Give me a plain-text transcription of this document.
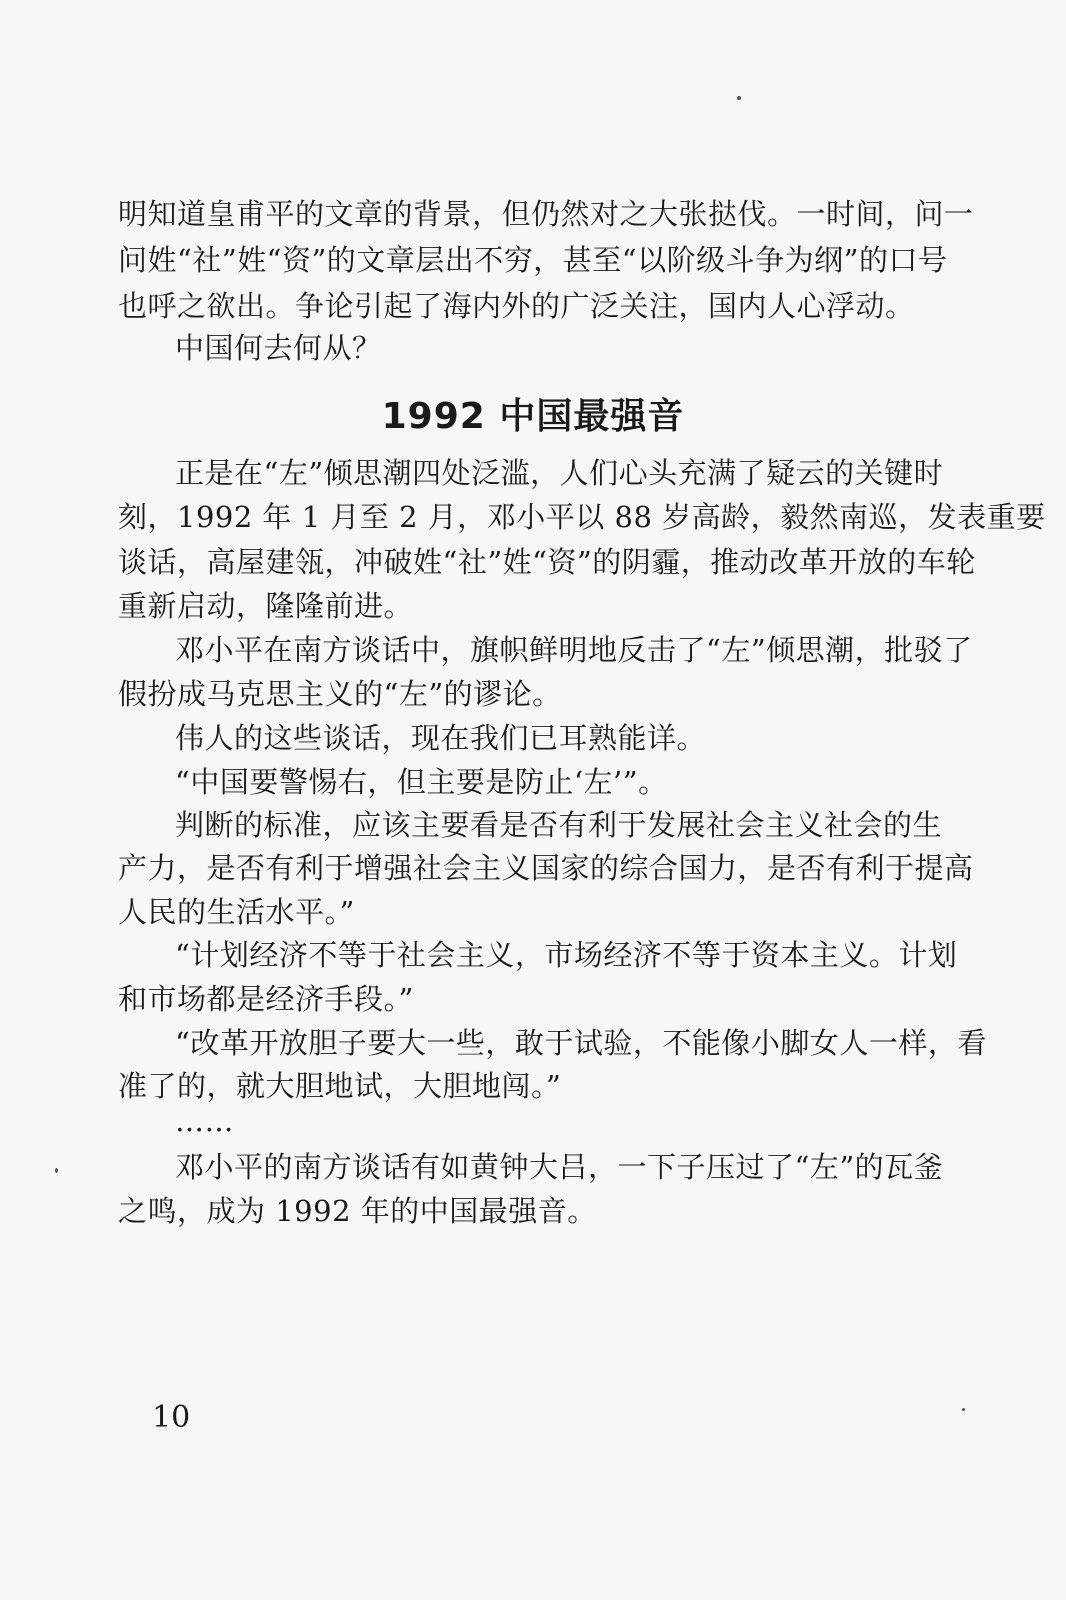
明知道皇甫平的文章的背景，但仍然对之大张挞伐。一时间，问一
问姓“社”姓“资”的文章层出不穷，甚至“以阶级斗争为纲”的口号
也呼之欲出。争论引起了海内外的广泛关注，国内人心浮动。
中国何去何从？
1992 中国最强音
正是在“左”倾思潮四处泛滥，人们心头充满了疑云的关键时
刻，1992 年 1 月至 2 月，邓小平以 88 岁高龄，毅然南巡，发表重要
谈话，高屋建瓴，冲破姓“社”姓“资”的阴霾，推动改革开放的车轮
重新启动，隆隆前进。
邓小平在南方谈话中，旗帜鲜明地反击了“左”倾思潮，批驳了
假扮成马克思主义的“左”的谬论。
伟人的这些谈话，现在我们已耳熟能详。
“中国要警惕右，但主要是防止‘左’”。
判断的标准，应该主要看是否有利于发展社会主义社会的生
产力，是否有利于增强社会主义国家的综合国力，是否有利于提高
人民的生活水平。”
“计划经济不等于社会主义，市场经济不等于资本主义。计划
和市场都是经济手段。”
“改革开放胆子要大一些，敢于试验，不能像小脚女人一样，看
准了的，就大胆地试，大胆地闯。”
……
邓小平的南方谈话有如黄钟大吕，一下子压过了“左”的瓦釜
之鸣，成为 1992 年的中国最强音。
10
